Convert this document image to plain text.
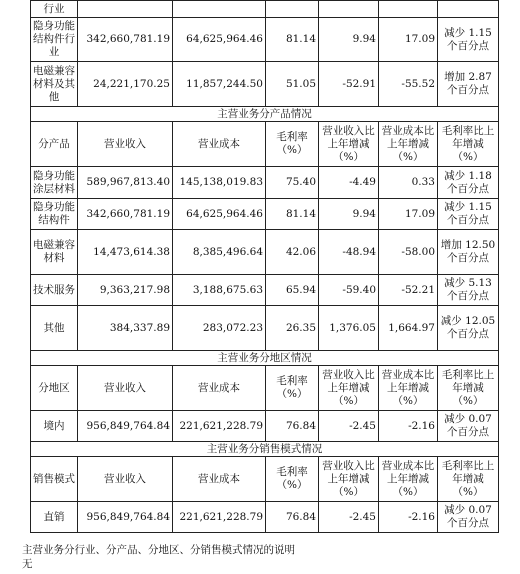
行业						
隐身功能结构件行业	342,660,781.19	64,625,964.46	81.14	9.94	17.09	减少 1.15 个百分点
电磁兼容材料及其他	24,221,170.25	11,857,244.50	51.05	-52.91	-55.52	增加 2.87 个百分点
主营业务分产品情况						
分产品	营业收入	营业成本	毛利率（%）	营业收入比上年增减（%）	营业成本比上年增减（%）	毛利率比上年增减（%）
隐身功能涂层材料	589,967,813.40	145,138,019.83	75.40	-4.49	0.33	减少 1.18 个百分点
隐身功能结构件	342,660,781.19	64,625,964.46	81.14	9.94	17.09	减少 1.15 个百分点
电磁兼容材料	14,473,614.38	8,385,496.64	42.06	-48.94	-58.00	增加 12.50 个百分点
技术服务	9,363,217.98	3,188,675.63	65.94	-59.40	-52.21	减少 5.13 个百分点
其他	384,337.89	283,072.23	26.35	1,376.05	1,664.97	减少 12.05 个百分点
主营业务分地区情况						
分地区	营业收入	营业成本	毛利率（%）	营业收入比上年增减（%）	营业成本比上年增减（%）	毛利率比上年增减（%）
境内	956,849,764.84	221,621,228.79	76.84	-2.45	-2.16	减少 0.07 个百分点
主营业务分销售模式情况						
销售模式	营业收入	营业成本	毛利率（%）	营业收入比上年增减（%）	营业成本比上年增减（%）	毛利率比上年增减（%）
直销	956,849,764.84	221,621,228.79	76.84	-2.45	-2.16	减少 0.07 个百分点
主营业务分行业、分产品、分地区、分销售模式情况的说明
无
